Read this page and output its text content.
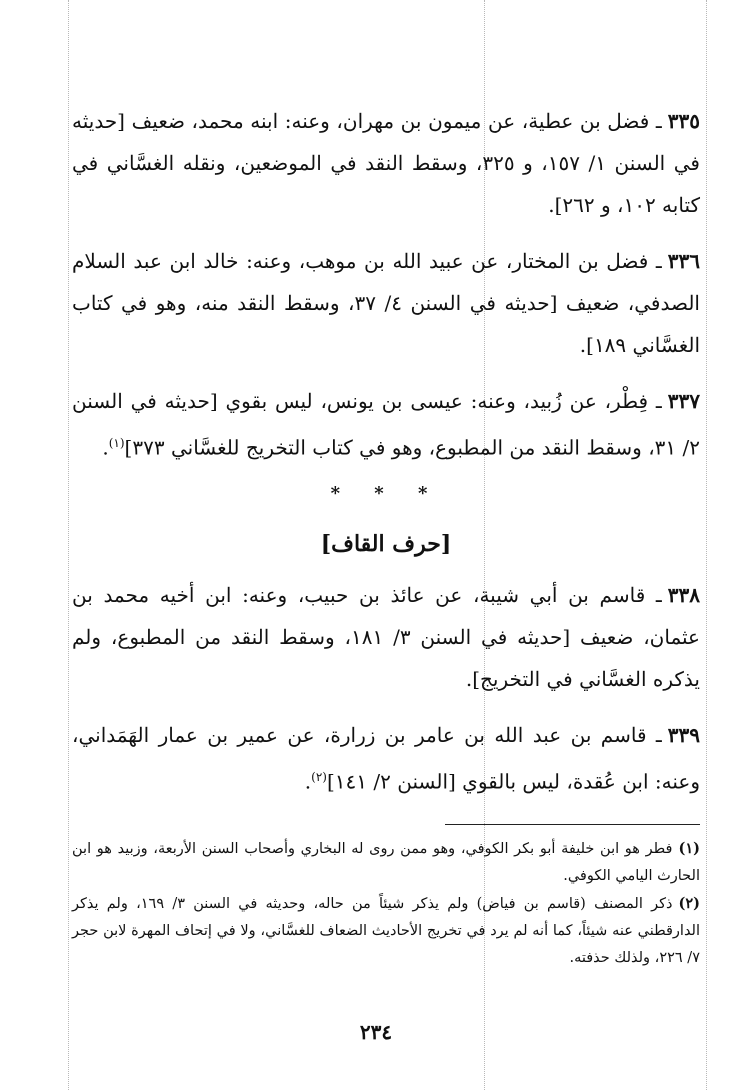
٣٣٥ـ فضل بن عطية، عن ميمون بن مهران، وعنه: ابنه محمد، ضعيف [حديثه في السنن ١/ ١٥٧، و ٣٢٥، وسقط النقد في الموضعين، ونقله الغسَّاني في كتابه ١٠٢، و ٢٦٢].

٣٣٦ـ فضل بن المختار، عن عبيد الله بن موهب، وعنه: خالد ابن عبد السلام الصدفي، ضعيف [حديثه في السنن ٤/ ٣٧، وسقط النقد منه، وهو في كتاب الغسَّاني ١٨٩].

٣٣٧ـ فِطْر، عن زُبيد، وعنه: عيسى بن يونس، ليس بقوي [حديثه في السنن ٢/ ٣١، وسقط النقد من المطبوع، وهو في كتاب التخريج للغسَّاني ٣٧٣]$^{(١)}$.

* * *
[حرف القاف]

٣٣٨ـ قاسم بن أبي شيبة، عن عائذ بن حبيب، وعنه: ابن أخيه محمد بن عثمان، ضعيف [حديثه في السنن ٣/ ١٨١، وسقط النقد من المطبوع، ولم يذكره الغسَّاني في التخريج].

٣٣٩ـ قاسم بن عبد الله بن عامر بن زرارة، عن عمير بن عمار الهَمَداني، وعنه: ابن عُقدة، ليس بالقوي [السنن ٢/ ١٤١]$^{(٢)}$.

(١)فطر هو ابن خليفة أبو بكر الكوفي، وهو ممن روى له البخاري وأصحاب السنن الأربعة، وزبيد هو ابن الحارث اليامي الكوفي.

(٢)ذكر المصنف (قاسم بن فياض) ولم يذكر شيئاً من حاله، وحديثه في السنن ٣/ ١٦٩، ولم يذكر الدارقطني عنه شيئاً، كما أنه لم يرد في تخريج الأحاديث الضعاف للغسَّاني، ولا في إتحاف المهرة لابن حجر ٧/ ٢٢٦، ولذلك حذفته.

٢٣٤
